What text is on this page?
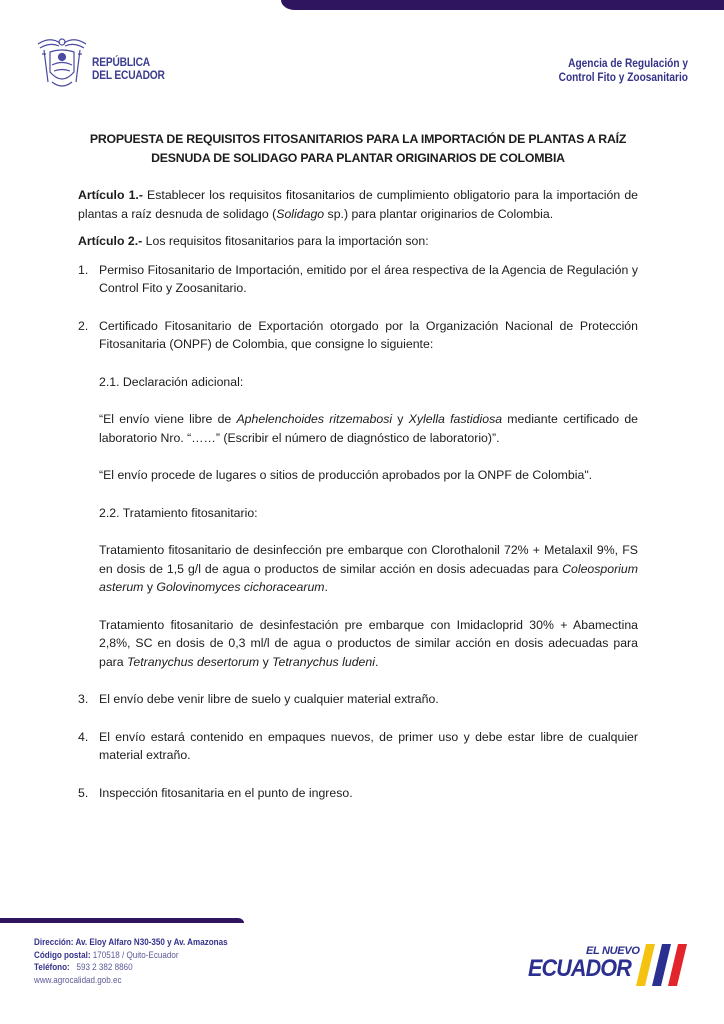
REPÚBLICA
DEL ECUADOR
Agencia de Regulación y
Control Fito y Zoosanitario
PROPUESTA DE REQUISITOS FITOSANITARIOS PARA LA IMPORTACIÓN DE PLANTAS A RAÍZ
DESNUDA DE SOLIDAGO PARA PLANTAR ORIGINARIOS DE COLOMBIA

Artículo 1.- Establecer los requisitos fitosanitarios de cumplimiento obligatorio para la importación de plantas a raíz desnuda de solidago (Solidago sp.) para plantar originarios de Colombia.

Artículo 2.- Los requisitos fitosanitarios para la importación son:

1. Permiso Fitosanitario de Importación, emitido por el área respectiva de la Agencia de Regulación y Control Fito y Zoosanitario.
2. Certificado Fitosanitario de Exportación otorgado por la Organización Nacional de Protección Fitosanitaria (ONPF) de Colombia, que consigne lo siguiente:

2.1. Declaración adicional:

“El envío viene libre de Aphelenchoides ritzemabosi y Xylella fastidiosa mediante certificado de laboratorio Nro. “……” (Escribir el número de diagnóstico de laboratorio)”.

“El envío procede de lugares o sitios de producción aprobados por la ONPF de Colombia".

2.2. Tratamiento fitosanitario:

Tratamiento fitosanitario de desinfección pre embarque con Clorothalonil 72% + Metalaxil 9%, FS en dosis de 1,5 g/l de agua o productos de similar acción en dosis adecuadas para Coleosporium asterum y Golovinomyces cichoracearum.

Tratamiento fitosanitario de desinfestación pre embarque con Imidacloprid 30% + Abamectina 2,8%, SC en dosis de 0,3 ml/l de agua o productos de similar acción en dosis adecuadas para para Tetranychus desertorum y Tetranychus ludeni.

3. El envío debe venir libre de suelo y cualquier material extraño.
4. El envío estará contenido en empaques nuevos, de primer uso y debe estar libre de cualquier material extraño.
5. Inspección fitosanitaria en el punto de ingreso.
Dirección: Av. Eloy Alfaro N30-350 y Av. Amazonas
Código postal: 170518 / Quito-Ecuador
Teléfono:   593 2 382 8860
www.agrocalidad.gob.ec
EL NUEVO
ECUADOR
